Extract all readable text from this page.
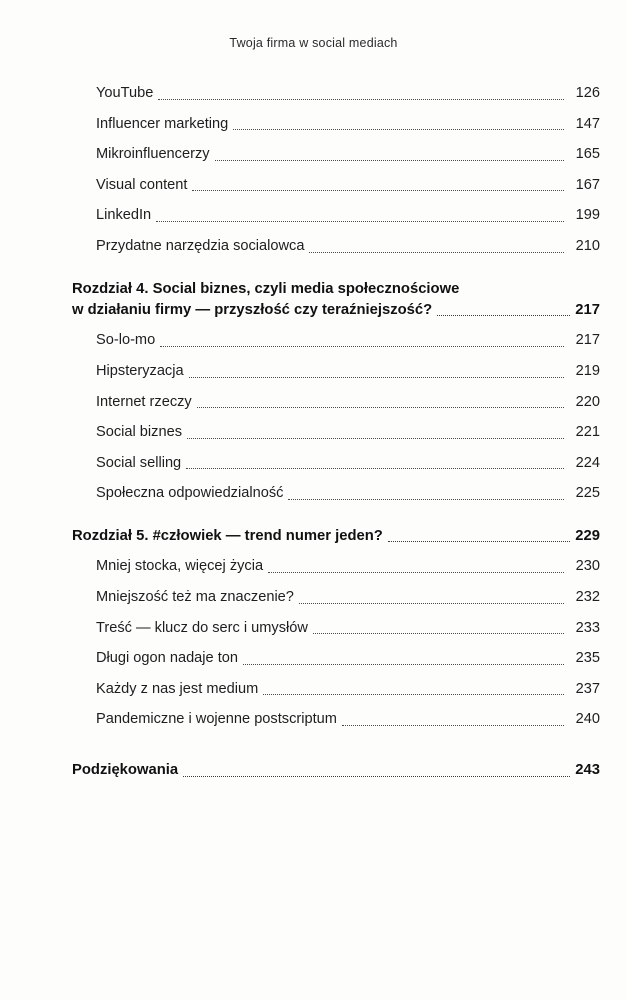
Twoja firma w social mediach
YouTube	126
Influencer marketing	147
Mikroinfluencerzy	165
Visual content	167
LinkedIn	199
Przydatne narzędzia socialowca	210
Rozdział 4. Social biznes, czyli media społecznościowe
w działaniu firmy — przyszłość czy teraźniejszość?	217
So-lo-mo	217
Hipsteryzacja	219
Internet rzeczy	220
Social biznes	221
Social selling	224
Społeczna odpowiedzialność	225
Rozdział 5. #człowiek — trend numer jeden?	229
Mniej stocka, więcej życia	230
Mniejszość też ma znaczenie?	232
Treść — klucz do serc i umysłów	233
Długi ogon nadaje ton	235
Każdy z nas jest medium	237
Pandemiczne i wojenne postscriptum	240
Podziękowania	243
